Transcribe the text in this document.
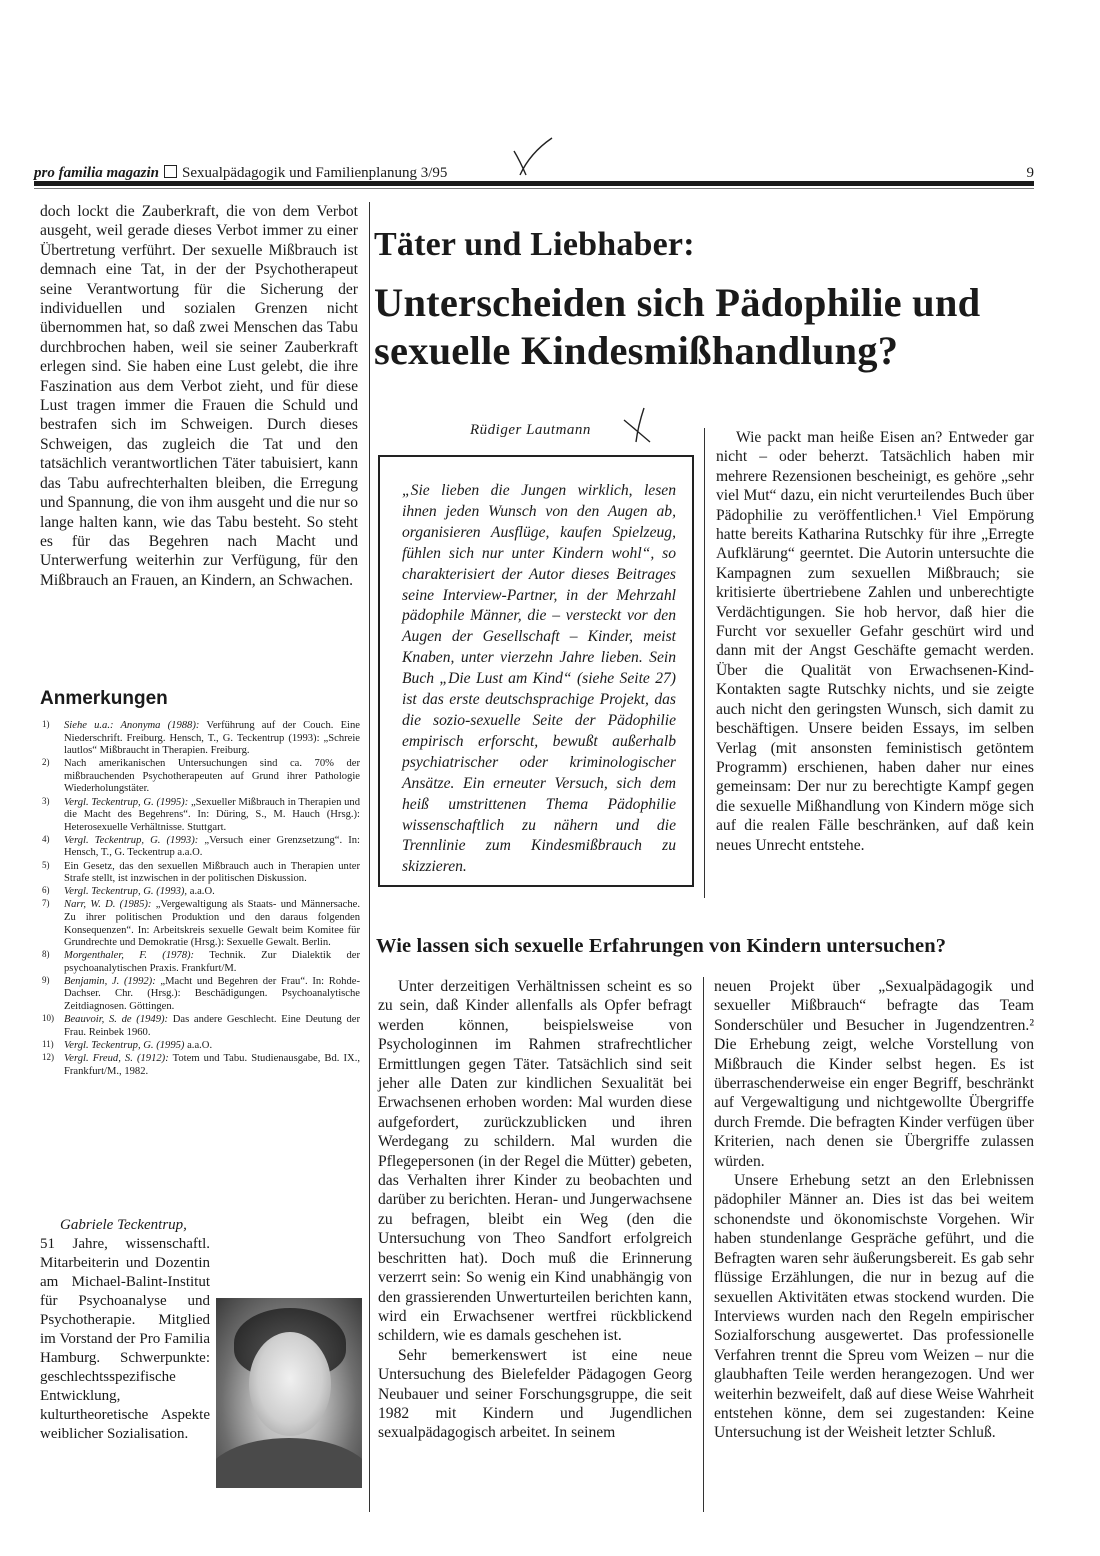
pro familia magazin Sexualpädagogik und Familienplanung 3/95	9

doch lockt die Zauberkraft, die von dem Verbot ausgeht, weil gerade dieses Verbot immer zu einer Übertretung verführt. Der sexuelle Mißbrauch ist demnach eine Tat, in der der Psychotherapeut seine Verantwortung für die Sicherung der individuellen und sozialen Grenzen nicht übernommen hat, so daß zwei Menschen das Tabu durchbrochen haben, weil sie seiner Zauberkraft erlegen sind. Sie haben eine Lust gelebt, die ihre Faszination aus dem Verbot zieht, und für diese Lust tragen immer die Frauen die Schuld und bestrafen sich im Schweigen. Durch dieses Schweigen, das zugleich die Tat und den tatsächlich verantwortlichen Täter tabuisiert, kann das Tabu aufrechterhalten bleiben, die Erregung und Spannung, die von ihm ausgeht und die nur so lange halten kann, wie das Tabu besteht. So steht es für das Begehren nach Macht und Unterwerfung weiterhin zur Verfügung, für den Mißbrauch an Frauen, an Kindern, an Schwachen.

Anmerkungen
1) Siehe u.a.: Anonyma (1988): Verführung auf der Couch. Eine Niederschrift. Freiburg. Hensch, T., G. Teckentrup (1993): „Schreie lautlos“ Mißbraucht in Therapien. Freiburg.
2) Nach amerikanischen Untersuchungen sind ca. 70% der mißbrauchenden Psychotherapeuten auf Grund ihrer Pathologie Wiederholungstäter.
3) Vergl. Teckentrup, G. (1995): „Sexueller Mißbrauch in Therapien und die Macht des Begehrens“. In: Düring, S., M. Hauch (Hrsg.): Heterosexuelle Verhältnisse. Stuttgart.
4) Vergl. Teckentrup, G. (1993): „Versuch einer Grenzsetzung“. In: Hensch, T., G. Teckentrup a.a.O.
5) Ein Gesetz, das den sexuellen Mißbrauch auch in Therapien unter Strafe stellt, ist inzwischen in der politischen Diskussion.
6) Vergl. Teckentrup, G. (1993), a.a.O.
7) Narr, W. D. (1985): „Vergewaltigung als Staats- und Männersache. Zu ihrer politischen Produktion und den daraus folgenden Konsequenzen“. In: Arbeitskreis sexuelle Gewalt beim Komitee für Grundrechte und Demokratie (Hrsg.): Sexuelle Gewalt. Berlin.
8) Morgenthaler, F. (1978): Technik. Zur Dialektik der psychoanalytischen Praxis. Frankfurt/M.
9) Benjamin, J. (1992): „Macht und Begehren der Frau“. In: Rohde-Dachser. Chr. (Hrsg.): Beschädigungen. Psychoanalytische Zeitdiagnosen. Göttingen.
10) Beauvoir, S. de (1949): Das andere Geschlecht. Eine Deutung der Frau. Reinbek 1960.
11) Vergl. Teckentrup, G. (1995) a.a.O.
12) Vergl. Freud, S. (1912): Totem und Tabu. Studienausgabe, Bd. IX., Frankfurt/M., 1982.

Gabriele Teckentrup,

51 Jahre, wissenschaftl. Mitarbeiterin und Dozentin am Michael-Balint-Institut für Psychoanalyse und Psychotherapie. Mitglied im Vorstand der Pro Familia Hamburg. Schwerpunkte: geschlechtsspezifische Entwicklung, kulturtheoretische Aspekte weiblicher Sozialisation.

Täter und Liebhaber:
Unterscheiden sich Pädophilie und
sexuelle Kindesmißhandlung?
Rüdiger Lautmann

„Sie lieben die Jungen wirklich, lesen ihnen jeden Wunsch von den Augen ab, organisieren Ausflüge, kaufen Spielzeug, fühlen sich nur unter Kindern wohl“, so charakterisiert der Autor dieses Beitrages seine Interview-Partner, in der Mehrzahl pädophile Männer, die – versteckt vor den Augen der Gesellschaft – Kinder, meist Knaben, unter vierzehn Jahre lieben. Sein Buch „Die Lust am Kind“ (siehe Seite 27) ist das erste deutschsprachige Projekt, das die sozio-sexuelle Seite der Pädophilie empirisch erforscht, bewußt außerhalb psychiatrischer oder kriminologischer Ansätze. Ein erneuter Versuch, sich dem heiß umstrittenen Thema Pädophilie wissenschaftlich zu nähern und die Trennlinie zum Kindesmißbrauch zu skizzieren.

Wie packt man heiße Eisen an? Entweder gar nicht – oder beherzt. Tatsächlich haben mir mehrere Rezensionen bescheinigt, es gehöre „sehr viel Mut“ dazu, ein nicht verurteilendes Buch über Pädophilie zu veröffentlichen.¹ Viel Empörung hatte bereits Katharina Rutschky für ihre „Erregte Aufklärung“ geerntet. Die Autorin untersuchte die Kampagnen zum sexuellen Mißbrauch; sie kritisierte übertriebene Zahlen und unberechtigte Verdächtigungen. Sie hob hervor, daß hier die Furcht vor sexueller Gefahr geschürt wird und dann mit der Angst Geschäfte gemacht werden. Über die Qualität von Erwachsenen-Kind-Kontakten sagte Rutschky nichts, und sie zeigte auch nicht den geringsten Wunsch, sich damit zu beschäftigen. Unsere beiden Essays, im selben Verlag (mit ansonsten feministisch getöntem Programm) erschienen, haben daher nur eines gemeinsam: Der nur zu berechtigte Kampf gegen die sexuelle Mißhandlung von Kindern möge sich auf die realen Fälle beschränken, auf daß kein neues Unrecht entstehe.

Wie lassen sich sexuelle Erfahrungen von Kindern untersuchen?

Unter derzeitigen Verhältnissen scheint es so zu sein, daß Kinder allenfalls als Opfer befragt werden können, beispielsweise von Psychologinnen im Rahmen strafrechtlicher Ermittlungen gegen Täter. Tatsächlich sind seit jeher alle Daten zur kindlichen Sexualität bei Erwachsenen erhoben worden: Mal wurden diese aufgefordert, zurückzublicken und ihren Werdegang zu schildern. Mal wurden die Pflegepersonen (in der Regel die Mütter) gebeten, das Verhalten ihrer Kinder zu beobachten und darüber zu berichten. Heran- und Jungerwachsene zu befragen, bleibt ein Weg (den die Untersuchung von Theo Sandfort erfolgreich beschritten hat). Doch muß die Erinnerung verzerrt sein: So wenig ein Kind unabhängig von den grassierenden Unwerturteilen berichten kann, wird ein Erwachsener wertfrei rückblickend schildern, wie es damals geschehen ist.

Sehr bemerkenswert ist eine neue Untersuchung des Bielefelder Pädagogen Georg Neubauer und seiner Forschungsgruppe, die seit 1982 mit Kindern und Jugendlichen sexualpädagogisch arbeitet. In seinem

neuen Projekt über „Sexualpädagogik und sexueller Mißbrauch“ befragte das Team Sonderschüler und Besucher in Jugendzentren.² Die Erhebung zeigt, welche Vorstellung von Mißbrauch die Kinder selbst hegen. Es ist überraschenderweise ein enger Begriff, beschränkt auf Vergewaltigung und nichtgewollte Übergriffe durch Fremde. Die befragten Kinder verfügen über Kriterien, nach denen sie Übergriffe zulassen würden.

Unsere Erhebung setzt an den Erlebnissen pädophiler Männer an. Dies ist das bei weitem schonendste und ökonomischste Vorgehen. Wir haben stundenlange Gespräche geführt, und die Befragten waren sehr äußerungsbereit. Es gab sehr flüssige Erzählungen, die nur in bezug auf die sexuellen Aktivitäten etwas stockend wurden. Die Interviews wurden nach den Regeln empirischer Sozialforschung ausgewertet. Das professionelle Verfahren trennt die Spreu vom Weizen – nur die glaubhaften Teile werden herangezogen. Und wer weiterhin bezweifelt, daß auf diese Weise Wahrheit entstehen könne, dem sei zugestanden: Keine Untersuchung ist der Weisheit letzter Schluß.
